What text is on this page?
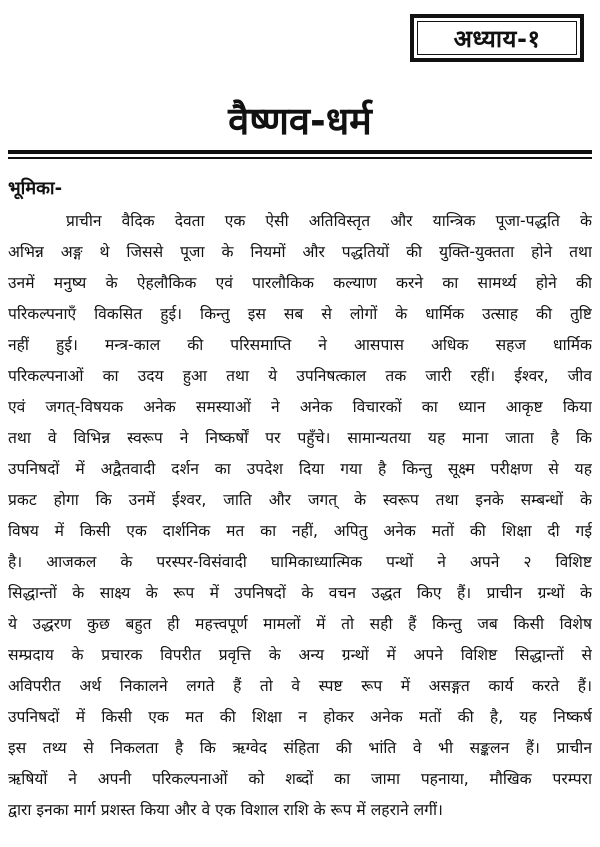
अध्याय-१
वैष्णव-धर्म
भूमिका-
प्राचीन वैदिक देवता एक ऐसी अतिविस्तृत और यान्त्रिक पूजा-पद्धति के
अभिन्न अङ्ग थे जिससे पूजा के नियमों और पद्धतियों की युक्ति-युक्तता होने तथा
उनमें मनुष्य के ऐहलौकिक एवं पारलौकिक कल्याण करने का सामर्थ्य होने की
परिकल्पनाएँ विकसित हुई। किन्तु इस सब से लोगों के धार्मिक उत्साह की तुष्टि
नहीं हुई। मन्त्र-काल की परिसमाप्ति ने आसपास अधिक सहज धार्मिक
परिकल्पनाओं का उदय हुआ तथा ये उपनिषत्काल तक जारी रहीं। ईश्वर, जीव
एवं जगत्-विषयक अनेक समस्याओं ने अनेक विचारकों का ध्यान आकृष्ट किया
तथा वे विभिन्न स्वरूप ने निष्कर्षों पर पहुँचे। सामान्यतया यह माना जाता है कि
उपनिषदों में अद्वैतवादी दर्शन का उपदेश दिया गया है किन्तु सूक्ष्म परीक्षण से यह
प्रकट होगा कि उनमें ईश्वर, जाति और जगत् के स्वरूप तथा इनके सम्बन्धों के
विषय में किसी एक दार्शनिक मत का नहीं, अपितु अनेक मतों की शिक्षा दी गई
है। आजकल के परस्पर-विसंवादी घामिकाध्यात्मिक पन्थों ने अपने २ विशिष्ट
सिद्धान्तों के साक्ष्य के रूप में उपनिषदों के वचन उद्धत किए हैं। प्राचीन ग्रन्थों के
ये उद्धरण कुछ बहुत ही महत्त्वपूर्ण मामलों में तो सही हैं किन्तु जब किसी विशेष
सम्प्रदाय के प्रचारक विपरीत प्रवृत्ति के अन्य ग्रन्थों में अपने विशिष्ट सिद्धान्तों से
अविपरीत अर्थ निकालने लगते हैं तो वे स्पष्ट रूप में असङ्गत कार्य करते हैं।
उपनिषदों में किसी एक मत की शिक्षा न होकर अनेक मतों की है, यह निष्कर्ष
इस तथ्य से निकलता है कि ऋग्वेद संहिता की भांति वे भी सङ्कलन हैं। प्राचीन
ऋषियों ने अपनी परिकल्पनाओं को शब्दों का जामा पहनाया, मौखिक परम्परा
द्वारा इनका मार्ग प्रशस्त किया और वे एक विशाल राशि के रूप में लहराने लगीं।
